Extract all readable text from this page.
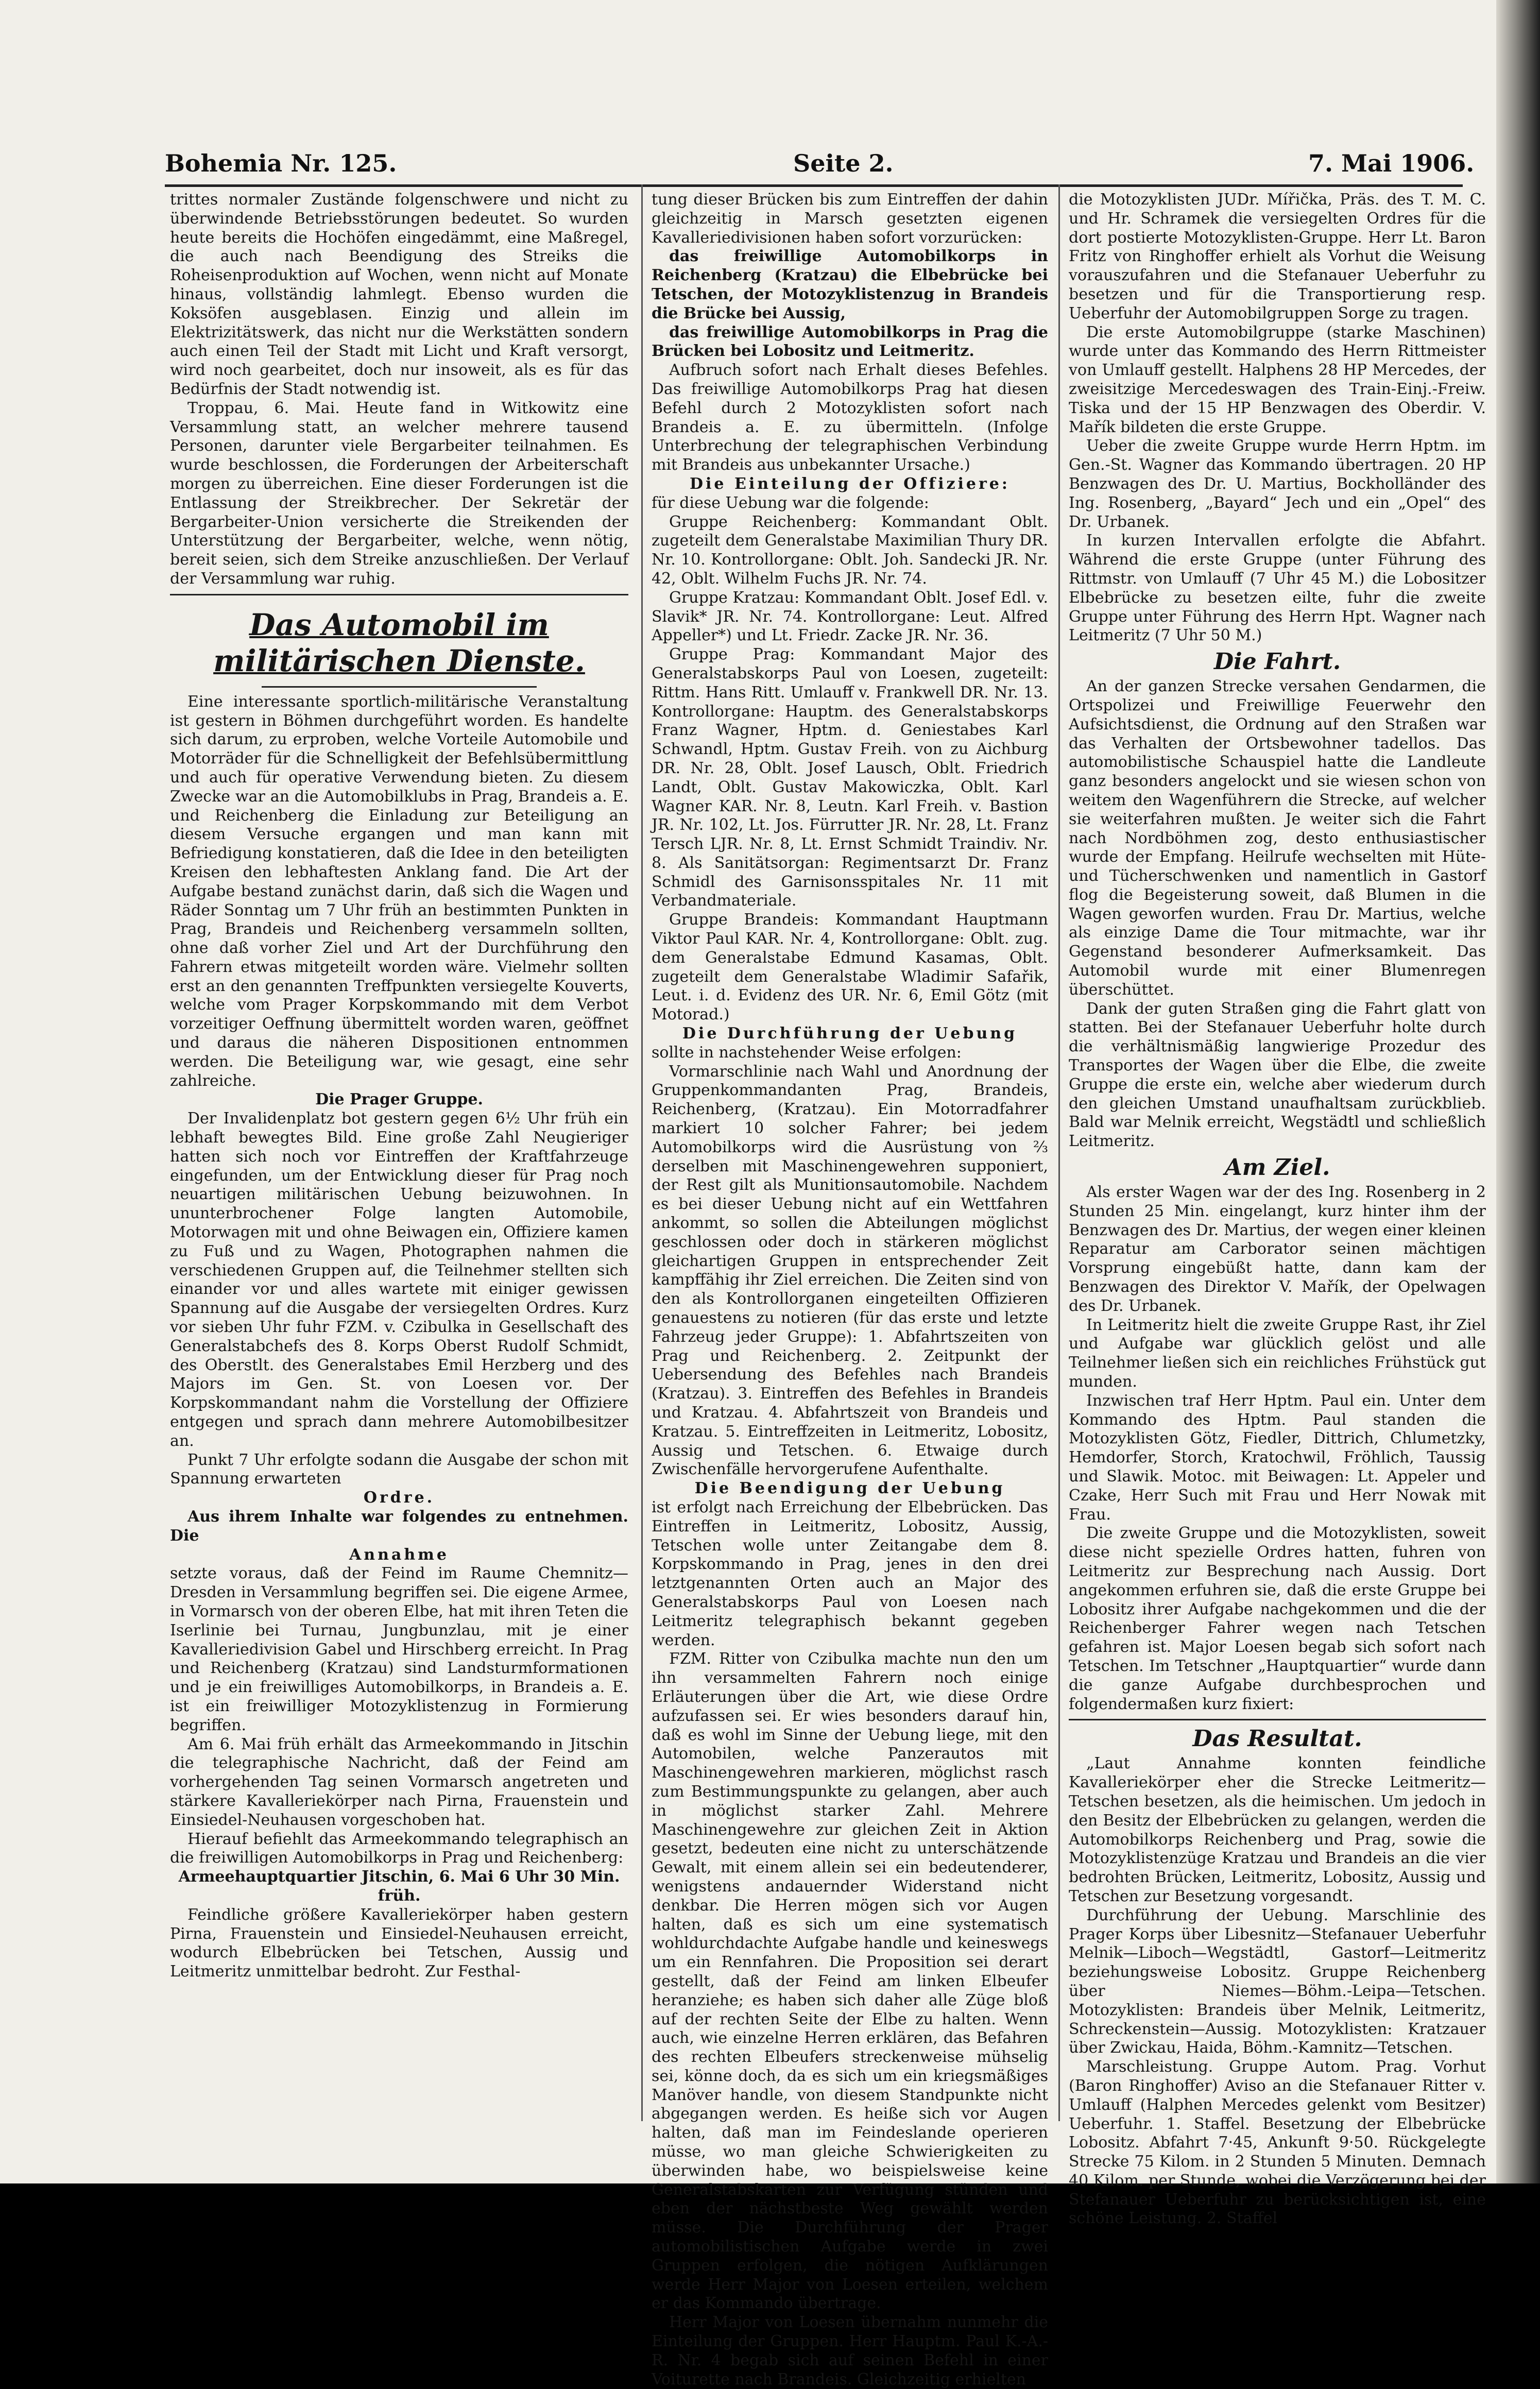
Bohemia Nr. 125.	Seite 2.	7. Mai 1906.

trittes normaler Zustände folgenschwere und nicht zu überwindende Betriebsstörungen bedeutet. So wurden heute bereits die Hochöfen eingedämmt, eine Maßregel, die auch nach Beendigung des Streiks die Roheisenproduktion auf Wochen, wenn nicht auf Monate hinaus, vollständig lahmlegt. Ebenso wurden die Koksöfen ausgeblasen. Einzig und allein im Elektrizitätswerk, das nicht nur die Werkstätten sondern auch einen Teil der Stadt mit Licht und Kraft versorgt, wird noch gearbeitet, doch nur insoweit, als es für das Bedürfnis der Stadt notwendig ist.

Troppau, 6. Mai. Heute fand in Witkowitz eine Versammlung statt, an welcher mehrere tausend Personen, darunter viele Bergarbeiter teilnahmen. Es wurde beschlossen, die Forderungen der Arbeiterschaft morgen zu überreichen. Eine dieser Forderungen ist die Entlassung der Streikbrecher. Der Sekretär der Bergarbeiter-Union versicherte die Streikenden der Unterstützung der Bergarbeiter, welche, wenn nötig, bereit seien, sich dem Streike anzuschließen. Der Verlauf der Versammlung war ruhig.

Das Automobil im militärischen Dienste.

Eine interessante sportlich-militärische Veranstaltung ist gestern in Böhmen durchgeführt worden. Es handelte sich darum, zu erproben, welche Vorteile Automobile und Motorräder für die Schnelligkeit der Befehlsübermittlung und auch für operative Verwendung bieten. Zu diesem Zwecke war an die Automobilklubs in Prag, Brandeis a. E. und Reichenberg die Einladung zur Beteiligung an diesem Versuche ergangen und man kann mit Befriedigung konstatieren, daß die Idee in den beteiligten Kreisen den lebhaftesten Anklang fand. Die Art der Aufgabe bestand zunächst darin, daß sich die Wagen und Räder Sonntag um 7 Uhr früh an bestimmten Punkten in Prag, Brandeis und Reichenberg versammeln sollten, ohne daß vorher Ziel und Art der Durchführung den Fahrern etwas mitgeteilt worden wäre. Vielmehr sollten erst an den genannten Treffpunkten versiegelte Kouverts, welche vom Prager Korpskommando mit dem Verbot vorzeitiger Oeffnung übermittelt worden waren, geöffnet und daraus die näheren Dispositionen entnommen werden. Die Beteiligung war, wie gesagt, eine sehr zahlreiche.

Die Prager Gruppe.

Der Invalidenplatz bot gestern gegen 6½ Uhr früh ein lebhaft bewegtes Bild. Eine große Zahl Neugieriger hatten sich noch vor Eintreffen der Kraftfahrzeuge eingefunden, um der Entwicklung dieser für Prag noch neuartigen militärischen Uebung beizuwohnen. In ununterbrochener Folge langten Automobile, Motorwagen mit und ohne Beiwagen ein, Offiziere kamen zu Fuß und zu Wagen, Photographen nahmen die verschiedenen Gruppen auf, die Teilnehmer stellten sich einander vor und alles wartete mit einiger gewissen Spannung auf die Ausgabe der versiegelten Ordres. Kurz vor sieben Uhr fuhr FZM. v. Czibulka in Gesellschaft des Generalstabchefs des 8. Korps Oberst Rudolf Schmidt, des Oberstlt. des Generalstabes Emil Herzberg und des Majors im Gen. St. von Loesen vor. Der Korpskommandant nahm die Vorstellung der Offiziere entgegen und sprach dann mehrere Automobilbesitzer an.

Punkt 7 Uhr erfolgte sodann die Ausgabe der schon mit Spannung erwarteten

Ordre.

Aus ihrem Inhalte war folgendes zu entnehmen. Die

Annahme

setzte voraus, daß der Feind im Raume Chemnitz—Dresden in Versammlung begriffen sei. Die eigene Armee, in Vormarsch von der oberen Elbe, hat mit ihren Teten die Iserlinie bei Turnau, Jungbunzlau, mit je einer Kavalleriedivision Gabel und Hirschberg erreicht. In Prag und Reichenberg (Kratzau) sind Landsturmformationen und je ein freiwilliges Automobilkorps, in Brandeis a. E. ist ein freiwilliger Motozyklistenzug in Formierung begriffen.

Am 6. Mai früh erhält das Armeekommando in Jitschin die telegraphische Nachricht, daß der Feind am vorhergehenden Tag seinen Vormarsch angetreten und stärkere Kavalleriekörper nach Pirna, Frauenstein und Einsiedel-Neuhausen vorgeschoben hat.

Hierauf befiehlt das Armeekommando telegraphisch an die freiwilligen Automobilkorps in Prag und Reichenberg:

Armeehauptquartier Jitschin, 6. Mai 6 Uhr 30 Min. früh.

Feindliche größere Kavalleriekörper haben gestern Pirna, Frauenstein und Einsiedel-Neuhausen erreicht, wodurch Elbebrücken bei Tetschen, Aussig und Leitmeritz unmittelbar bedroht. Zur Festhal-

tung dieser Brücken bis zum Eintreffen der dahin gleichzeitig in Marsch gesetzten eigenen Kavalleriedivisionen haben sofort vorzurücken:

das freiwillige Automobilkorps in Reichenberg (Kratzau) die Elbebrücke bei Tetschen, der Motozyklistenzug in Brandeis die Brücke bei Aussig,

das freiwillige Automobilkorps in Prag die Brücken bei Lobositz und Leitmeritz.

Aufbruch sofort nach Erhalt dieses Befehles. Das freiwillige Automobilkorps Prag hat diesen Befehl durch 2 Motozyklisten sofort nach Brandeis a. E. zu übermitteln. (Infolge Unterbrechung der telegraphischen Verbindung mit Brandeis aus unbekannter Ursache.)

Die Einteilung der Offiziere:

für diese Uebung war die folgende:

Gruppe Reichenberg: Kommandant Oblt. zugeteilt dem Generalstabe Maximilian Thury DR. Nr. 10. Kontrollorgane: Oblt. Joh. Sandecki JR. Nr. 42, Oblt. Wilhelm Fuchs JR. Nr. 74.

Gruppe Kratzau: Kommandant Oblt. Josef Edl. v. Slavik* JR. Nr. 74. Kontrollorgane: Leut. Alfred Appeller*) und Lt. Friedr. Zacke JR. Nr. 36.

Gruppe Prag: Kommandant Major des Generalstabskorps Paul von Loesen, zugeteilt: Rittm. Hans Ritt. Umlauff v. Frankwell DR. Nr. 13. Kontrollorgane: Hauptm. des Generalstabskorps Franz Wagner, Hptm. d. Geniestabes Karl Schwandl, Hptm. Gustav Freih. von zu Aichburg DR. Nr. 28, Oblt. Josef Lausch, Oblt. Friedrich Landt, Oblt. Gustav Makowiczka, Oblt. Karl Wagner KAR. Nr. 8, Leutn. Karl Freih. v. Bastion JR. Nr. 102, Lt. Jos. Fürrutter JR. Nr. 28, Lt. Franz Tersch LJR. Nr. 8, Lt. Ernst Schmidt Traindiv. Nr. 8. Als Sanitätsorgan: Regimentsarzt Dr. Franz Schmidl des Garnisonsspitales Nr. 11 mit Verbandmateriale.

Gruppe Brandeis: Kommandant Hauptmann Viktor Paul KAR. Nr. 4, Kontrollorgane: Oblt. zug. dem Generalstabe Edmund Kasamas, Oblt. zugeteilt dem Generalstabe Wladimir Safařik, Leut. i. d. Evidenz des UR. Nr. 6, Emil Götz (mit Motorad.)

Die Durchführung der Uebung

sollte in nachstehender Weise erfolgen:

Vormarschlinie nach Wahl und Anordnung der Gruppenkommandanten Prag, Brandeis, Reichenberg, (Kratzau). Ein Motorradfahrer markiert 10 solcher Fahrer; bei jedem Automobilkorps wird die Ausrüstung von ⅔ derselben mit Maschinengewehren supponiert, der Rest gilt als Munitionsautomobile. Nachdem es bei dieser Uebung nicht auf ein Wettfahren ankommt, so sollen die Abteilungen möglichst geschlossen oder doch in stärkeren möglichst gleichartigen Gruppen in entsprechender Zeit kampffähig ihr Ziel erreichen. Die Zeiten sind von den als Kontrollorganen eingeteilten Offizieren genauestens zu notieren (für das erste und letzte Fahrzeug jeder Gruppe): 1. Abfahrtszeiten von Prag und Reichenberg. 2. Zeitpunkt der Uebersendung des Befehles nach Brandeis (Kratzau). 3. Eintreffen des Befehles in Brandeis und Kratzau. 4. Abfahrtszeit von Brandeis und Kratzau. 5. Eintreffzeiten in Leitmeritz, Lobositz, Aussig und Tetschen. 6. Etwaige durch Zwischenfälle hervorgerufene Aufenthalte.

Die Beendigung der Uebung

ist erfolgt nach Erreichung der Elbebrücken. Das Eintreffen in Leitmeritz, Lobositz, Aussig, Tetschen wolle unter Zeitangabe dem 8. Korpskommando in Prag, jenes in den drei letztgenannten Orten auch an Major des Generalstabskorps Paul von Loesen nach Leitmeritz telegraphisch bekannt gegeben werden.

FZM. Ritter von Czibulka machte nun den um ihn versammelten Fahrern noch einige Erläuterungen über die Art, wie diese Ordre aufzufassen sei. Er wies besonders darauf hin, daß es wohl im Sinne der Uebung liege, mit den Automobilen, welche Panzerautos mit Maschinengewehren markieren, möglichst rasch zum Bestimmungspunkte zu gelangen, aber auch in möglichst starker Zahl. Mehrere Maschinengewehre zur gleichen Zeit in Aktion gesetzt, bedeuten eine nicht zu unterschätzende Gewalt, mit einem allein sei ein bedeutenderer, wenigstens andauernder Widerstand nicht denkbar. Die Herren mögen sich vor Augen halten, daß es sich um eine systematisch wohldurchdachte Aufgabe handle und keineswegs um ein Rennfahren. Die Proposition sei derart gestellt, daß der Feind am linken Elbeufer heranziehe; es haben sich daher alle Züge bloß auf der rechten Seite der Elbe zu halten. Wenn auch, wie einzelne Herren erklären, das Befahren des rechten Elbeufers streckenweise mühselig sei, könne doch, da es sich um ein kriegsmäßiges Manöver handle, von diesem Standpunkte nicht abgegangen werden. Es heiße sich vor Augen halten, daß man im Feindeslande operieren müsse, wo man gleiche Schwierigkeiten zu überwinden habe, wo beispielsweise keine Generalstabskarten zur Verfügung stünden und eben der nächstbeste Weg gewählt werden müsse. Die Durchführung der Prager automobilistischen Aufgabe werde in zwei Gruppen erfolgen, die nötigen Aufklärungen werde Herr Major von Loesen erteilen, welchem er das Kommando übertrage.

Herr Major von Loesen übernahm nunmehr die Einteilung der Gruppen. Herr Hauptm. Paul K.-A.-R. Nr. 4 begab sich auf seinen Befehl in einer Voiturette nach Brandeis. Gleichzeitig erhielten

die Motozyklisten JUDr. Mířička, Präs. des T. M. C. und Hr. Schramek die versiegelten Ordres für die dort postierte Motozyklisten-Gruppe. Herr Lt. Baron Fritz von Ringhoffer erhielt als Vorhut die Weisung vorauszufahren und die Stefanauer Ueberfuhr zu besetzen und für die Transportierung resp. Ueberfuhr der Automobilgruppen Sorge zu tragen.

Die erste Automobilgruppe (starke Maschinen) wurde unter das Kommando des Herrn Rittmeister von Umlauff gestellt. Halphens 28 HP Mercedes, der zweisitzige Mercedeswagen des Train-Einj.-Freiw. Tiska und der 15 HP Benzwagen des Oberdir. V. Mařík bildeten die erste Gruppe.

Ueber die zweite Gruppe wurde Herrn Hptm. im Gen.-St. Wagner das Kommando übertragen. 20 HP Benzwagen des Dr. U. Martius, Bockholländer des Ing. Rosenberg, „Bayard“ Jech und ein „Opel“ des Dr. Urbanek.

In kurzen Intervallen erfolgte die Abfahrt. Während die erste Gruppe (unter Führung des Rittmstr. von Umlauff (7 Uhr 45 M.) die Lobositzer Elbebrücke zu besetzen eilte, fuhr die zweite Gruppe unter Führung des Herrn Hpt. Wagner nach Leitmeritz (7 Uhr 50 M.)

Die Fahrt.

An der ganzen Strecke versahen Gendarmen, die Ortspolizei und Freiwillige Feuerwehr den Aufsichtsdienst, die Ordnung auf den Straßen war das Verhalten der Ortsbewohner tadellos. Das automobilistische Schauspiel hatte die Landleute ganz besonders angelockt und sie wiesen schon von weitem den Wagenführern die Strecke, auf welcher sie weiterfahren mußten. Je weiter sich die Fahrt nach Nordböhmen zog, desto enthusiastischer wurde der Empfang. Heilrufe wechselten mit Hüte- und Tücherschwenken und namentlich in Gastorf flog die Begeisterung soweit, daß Blumen in die Wagen geworfen wurden. Frau Dr. Martius, welche als einzige Dame die Tour mitmachte, war ihr Gegenstand besonderer Aufmerksamkeit. Das Automobil wurde mit einer Blumenregen überschüttet.

Dank der guten Straßen ging die Fahrt glatt von statten. Bei der Stefanauer Ueberfuhr holte durch die verhältnismäßig langwierige Prozedur des Transportes der Wagen über die Elbe, die zweite Gruppe die erste ein, welche aber wiederum durch den gleichen Umstand unaufhaltsam zurückblieb. Bald war Melnik erreicht, Wegstädtl und schließlich Leitmeritz.

Am Ziel.

Als erster Wagen war der des Ing. Rosenberg in 2 Stunden 25 Min. eingelangt, kurz hinter ihm der Benzwagen des Dr. Martius, der wegen einer kleinen Reparatur am Carborator seinen mächtigen Vorsprung eingebüßt hatte, dann kam der Benzwagen des Direktor V. Mařík, der Opelwagen des Dr. Urbanek.

In Leitmeritz hielt die zweite Gruppe Rast, ihr Ziel und Aufgabe war glücklich gelöst und alle Teilnehmer ließen sich ein reichliches Frühstück gut munden.

Inzwischen traf Herr Hptm. Paul ein. Unter dem Kommando des Hptm. Paul standen die Motozyklisten Götz, Fiedler, Dittrich, Chlumetzky, Hemdorfer, Storch, Kratochwil, Fröhlich, Taussig und Slawik. Motoc. mit Beiwagen: Lt. Appeler und Czake, Herr Such mit Frau und Herr Nowak mit Frau.

Die zweite Gruppe und die Motozyklisten, soweit diese nicht spezielle Ordres hatten, fuhren von Leitmeritz zur Besprechung nach Aussig. Dort angekommen erfuhren sie, daß die erste Gruppe bei Lobositz ihrer Aufgabe nachgekommen und die der Reichenberger Fahrer wegen nach Tetschen gefahren ist. Major Loesen begab sich sofort nach Tetschen. Im Tetschner „Hauptquartier“ wurde dann die ganze Aufgabe durchbesprochen und folgendermaßen kurz fixiert:

Das Resultat.

„Laut Annahme konnten feindliche Kavalleriekörper eher die Strecke Leitmeritz—Tetschen besetzen, als die heimischen. Um jedoch in den Besitz der Elbebrücken zu gelangen, werden die Automobilkorps Reichenberg und Prag, sowie die Motozyklistenzüge Kratzau und Brandeis an die vier bedrohten Brücken, Leitmeritz, Lobositz, Aussig und Tetschen zur Besetzung vorgesandt.

Durchführung der Uebung. Marschlinie des Prager Korps über Libesnitz—Stefanauer Ueberfuhr Melnik—Liboch—Wegstädtl, Gastorf—Leitmeritz beziehungsweise Lobositz. Gruppe Reichenberg über Niemes—Böhm.-Leipa—Tetschen. Motozyklisten: Brandeis über Melnik, Leitmeritz, Schreckenstein—Aussig. Motozyklisten: Kratzauer über Zwickau, Haida, Böhm.-Kamnitz—Tetschen.

Marschleistung. Gruppe Autom. Prag. Vorhut (Baron Ringhoffer) Aviso an die Stefanauer Ritter v. Umlauff (Halphen Mercedes gelenkt vom Besitzer) Ueberfuhr. 1. Staffel. Besetzung der Elbebrücke Lobositz. Abfahrt 7·45, Ankunft 9·50. Rückgelegte Strecke 75 Kilom. in 2 Stunden 5 Minuten. Demnach 40 Kilom. per Stunde, wobei die Verzögerung bei der Stefanauer Ueberfuhr zu berücksichtigen ist, eine schöne Leistung. 2. Staffel
